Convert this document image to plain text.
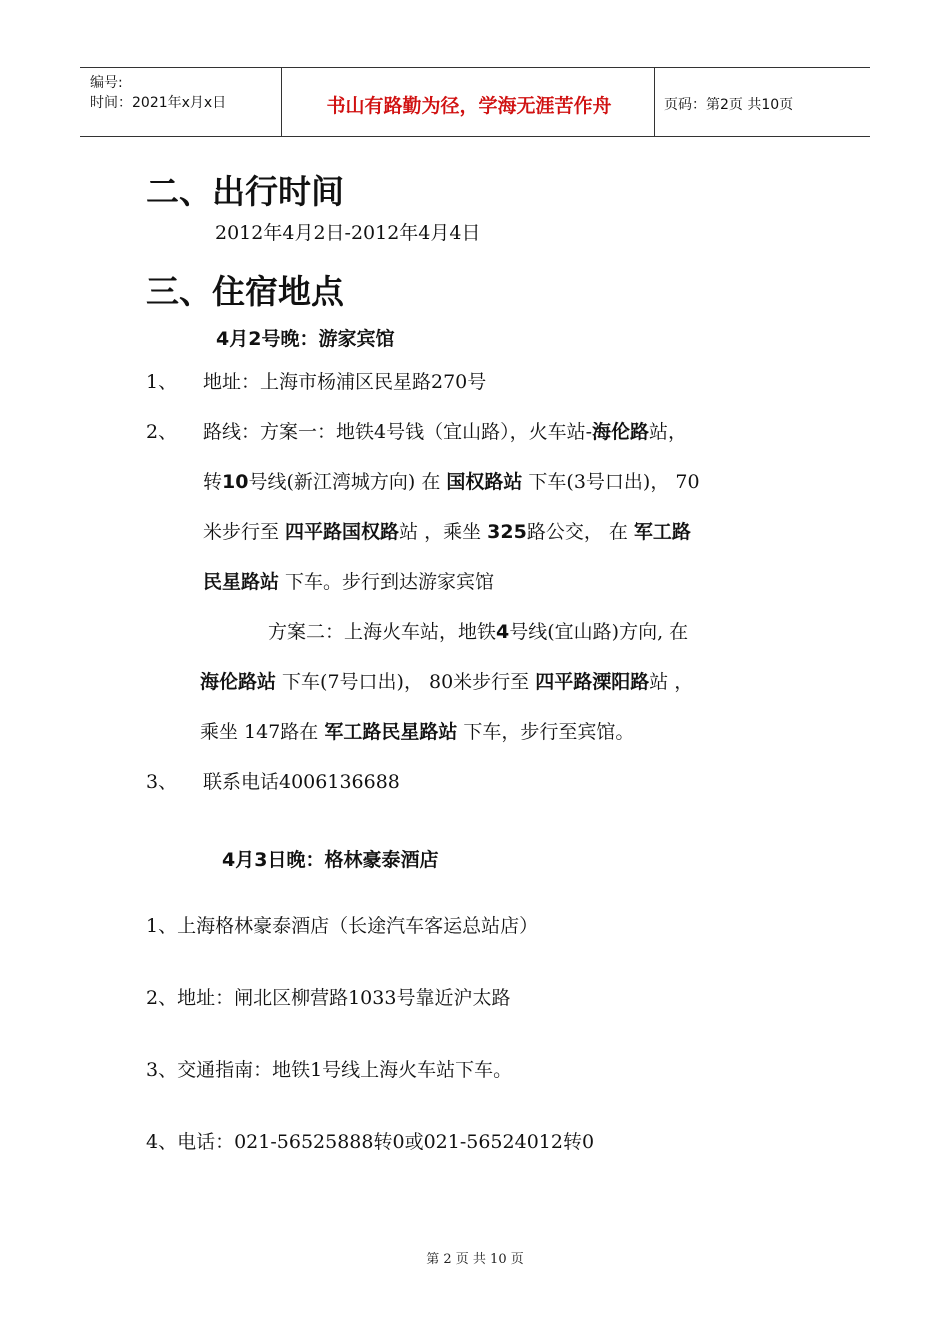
编号:
时间：2021年x月x日	书山有路勤为径，学海无涯苦作舟	页码：第2页 共10页
二、出行时间
2012年4月2日-2012年4月4日
三、住宿地点
4月2号晚：游家宾馆
1、 地址：上海市杨浦区民星路270号
2、 路线：方案一：地铁4号钱（宜山路），火车站-海伦路站，
转10号线(新江湾城方向) 在 国权路站 下车(3号口出)， 70
米步行至 四平路国权路站 ，乘坐 325路公交， 在 军工路
民星路站 下车。步行到达游家宾馆
方案二：上海火车站，地铁4号线(宜山路)方向, 在
海伦路站 下车(7号口出)， 80米步行至 四平路溧阳路站 ，
乘坐 147路在 军工路民星路站 下车，步行至宾馆。
3、 联系电话4006136688
4月3日晚：格林豪泰酒店
1、上海格林豪泰酒店（长途汽车客运总站店）
2、地址：闸北区柳营路1033号靠近沪太路
3、交通指南：地铁1号线上海火车站下车。
4、电话：021-56525888转0或021-56524012转0
第 2 页 共 10 页
